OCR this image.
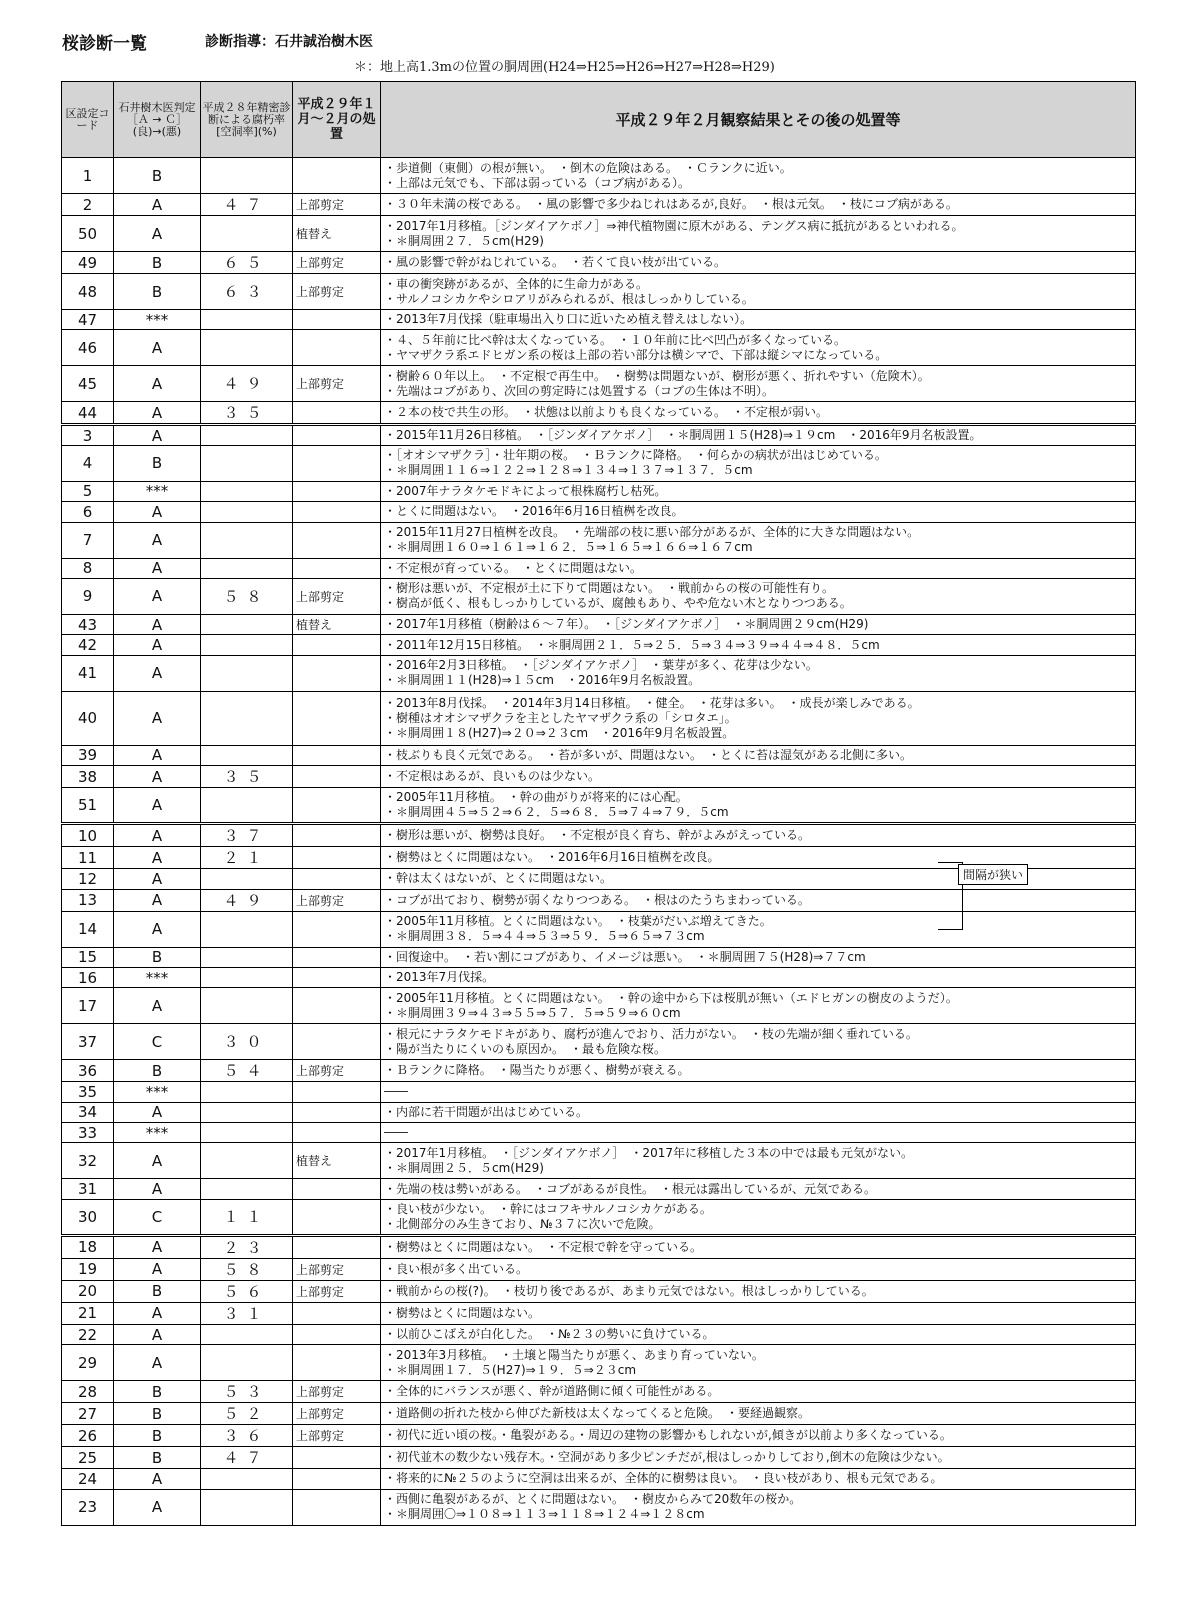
桜診断一覧	診断指導：石井誠治樹木医
＊：地上高1.3mの位置の胴周囲(H24⇒H25⇒H26⇒H27⇒H28⇒H29)
区設定コード	石井樹木医判定［Ａ → Ｃ］(良)→(悪)	平成２８年精密診断による腐朽率[空洞率](%)	平成２９年１月～２月の処置	平成２９年２月観察結果とその後の処置等
1	B			・歩道側（東側）の根が無い。　・倒木の危険はある。　・Ｃランクに近い。
・上部は元気でも、下部は弱っている（コブ病がある）。

2	A	４７	上部剪定	・３０年未満の桜である。　・風の影響で多少ねじれはあるが,良好。　・根は元気。　・枝にコブ病がある。

50	A		植替え	・2017年1月移植。［ジンダイアケボノ］⇒神代植物園に原木がある、テングス病に抵抗があるといわれる。
・＊胴周囲２７．５cm(H29)

49	B	６５	上部剪定	・風の影響で幹がねじれている。　・若くて良い枝が出ている。

48	B	６３	上部剪定	・車の衝突跡があるが、全体的に生命力がある。
・サルノコシカケやシロアリがみられるが、根はしっかりしている。

47	***			・2013年7月伐採（駐車場出入り口に近いため植え替えはしない）。

46	A			・４、５年前に比べ幹は太くなっている。　・１０年前に比べ凹凸が多くなっている。
・ヤマザクラ系エドヒガン系の桜は上部の若い部分は横シマで、下部は縦シマになっている。

45	A	４９	上部剪定	・樹齢６０年以上。　・不定根で再生中。　・樹勢は問題ないが、樹形が悪く、折れやすい（危険木）。
・先端はコブがあり、次回の剪定時には処置する（コブの生体は不明）。

44	A	３５		・２本の枝で共生の形。　・状態は以前よりも良くなっている。　・不定根が弱い。

3	A			・2015年11月26日移植。　・［ジンダイアケボノ］　・＊胴周囲１５(H28)⇒１９cm　・2016年9月名板設置。

4	B			・［オオシマザクラ］・壮年期の桜。　・Ｂランクに降格。　・何らかの病状が出はじめている。
・＊胴周囲１１６⇒１２２⇒１２８⇒１３４⇒１３７⇒１３７．５cm

5	***			・2007年ナラタケモドキによって根株腐朽し枯死。

6	A			・とくに問題はない。　・2016年6月16日植桝を改良。

7	A			・2015年11月27日植桝を改良。　・先端部の枝に悪い部分があるが、全体的に大きな問題はない。
・＊胴周囲１６０⇒１６１⇒１６２．５⇒１６５⇒１６６⇒１６７cm

8	A			・不定根が育っている。　・とくに問題はない。

9	A	５８	上部剪定	・樹形は悪いが、不定根が土に下りて問題はない。　・戦前からの桜の可能性有り。
・樹高が低く、根もしっかりしているが、腐蝕もあり、やや危ない木となりつつある。

43	A		植替え	・2017年1月移植（樹齢は６～７年）。　・［ジンダイアケボノ］　・＊胴周囲２９cm(H29)

42	A			・2011年12月15日移植。　・＊胴周囲２１．５⇒２５．５⇒３４⇒３９⇒４４⇒４８．５cm

41	A			・2016年2月3日移植。　・［ジンダイアケボノ］　・葉芽が多く、花芽は少ない。
・＊胴周囲１１(H28)⇒１５cm　・2016年9月名板設置。

40	A			・2013年8月伐採。　・2014年3月14日移植。　・健全。　・花芽は多い。　・成長が楽しみである。
・樹種はオオシマザクラを主としたヤマザクラ系の「シロタエ」。
・＊胴周囲１８(H27)⇒２０⇒２３cm　・2016年9月名板設置。

39	A			・枝ぶりも良く元気である。　・苔が多いが、問題はない。　・とくに苔は湿気がある北側に多い。

38	A	３５		・不定根はあるが、良いものは少ない。

51	A			・2005年11月移植。　・幹の曲がりが将来的には心配。
・＊胴周囲４５⇒５２⇒６２．５⇒６８．５⇒７４⇒７９．５cm

10	A	３７		・樹形は悪いが、樹勢は良好。　・不定根が良く育ち、幹がよみがえっている。

11	A	２１		・樹勢はとくに問題はない。　・2016年6月16日植桝を改良。

12	A			・幹は太くはないが、とくに問題はない。

13	A	４９	上部剪定	・コブが出ており、樹勢が弱くなりつつある。　・根はのたうちまわっている。

14	A			・2005年11月移植。とくに問題はない。　・枝葉がだいぶ増えてきた。
・＊胴周囲３８．５⇒４４⇒５３⇒５９．５⇒６５⇒７３cm

15	B			・回復途中。　・若い割にコブがあり、イメージは悪い。　・＊胴周囲７５(H28)⇒７７cm

16	***			・2013年7月伐採。

17	A			・2005年11月移植。とくに問題はない。　・幹の途中から下は桜肌が無い（エドヒガンの樹皮のようだ）。
・＊胴周囲３９⇒４３⇒５５⇒５７．５⇒５９⇒６０cm

37	C	３０		・根元にナラタケモドキがあり、腐朽が進んでおり、活力がない。　・枝の先端が細く垂れている。
・陽が当たりにくいのも原因か。　・最も危険な桜。

36	B	５４	上部剪定	・Ｂランクに降格。　・陽当たりが悪く、樹勢が衰える。

35	***			――

34	A			・内部に若干問題が出はじめている。

33	***			――

32	A		植替え	・2017年1月移植。　・［ジンダイアケボノ］　・2017年に移植した３本の中では最も元気がない。
・＊胴周囲２５．５cm(H29)

31	A			・先端の枝は勢いがある。　・コブがあるが良性。　・根元は露出しているが、元気である。

30	C	１１		・良い枝が少ない。　・幹にはコフキサルノコシカケがある。
・北側部分のみ生きており、№３７に次いで危険。

18	A	２３		・樹勢はとくに問題はない。　・不定根で幹を守っている。

19	A	５８	上部剪定	・良い根が多く出ている。

20	B	５６	上部剪定	・戦前からの桜(?)。　・枝切り後であるが、あまり元気ではない。根はしっかりしている。

21	A	３１		・樹勢はとくに問題はない。

22	A			・以前ひこばえが白化した。　・№２３の勢いに負けている。

29	A			・2013年3月移植。　・土壌と陽当たりが悪く、あまり育っていない。
・＊胴周囲１７．５(H27)⇒１９．５⇒２３cm

28	B	５３	上部剪定	・全体的にバランスが悪く、幹が道路側に傾く可能性がある。

27	B	５２	上部剪定	・道路側の折れた枝から伸びた新枝は太くなってくると危険。　・要経過観察。

26	B	３６	上部剪定	・初代に近い頃の桜。・亀裂がある。・周辺の建物の影響かもしれないが,傾きが以前より多くなっている。

25	B	４７		・初代並木の数少ない残存木。・空洞があり多少ピンチだが,根はしっかりしており,倒木の危険は少ない。

24	A			・将来的に№２５のように空洞は出来るが、全体的に樹勢は良い。　・良い枝があり、根も元気である。

23	A			・西側に亀裂があるが、とくに問題はない。　・樹皮からみて20数年の桜か。
・＊胴周囲〇⇒１０８⇒１１３⇒１１８⇒１２４⇒１２８cm
間隔が狭い
